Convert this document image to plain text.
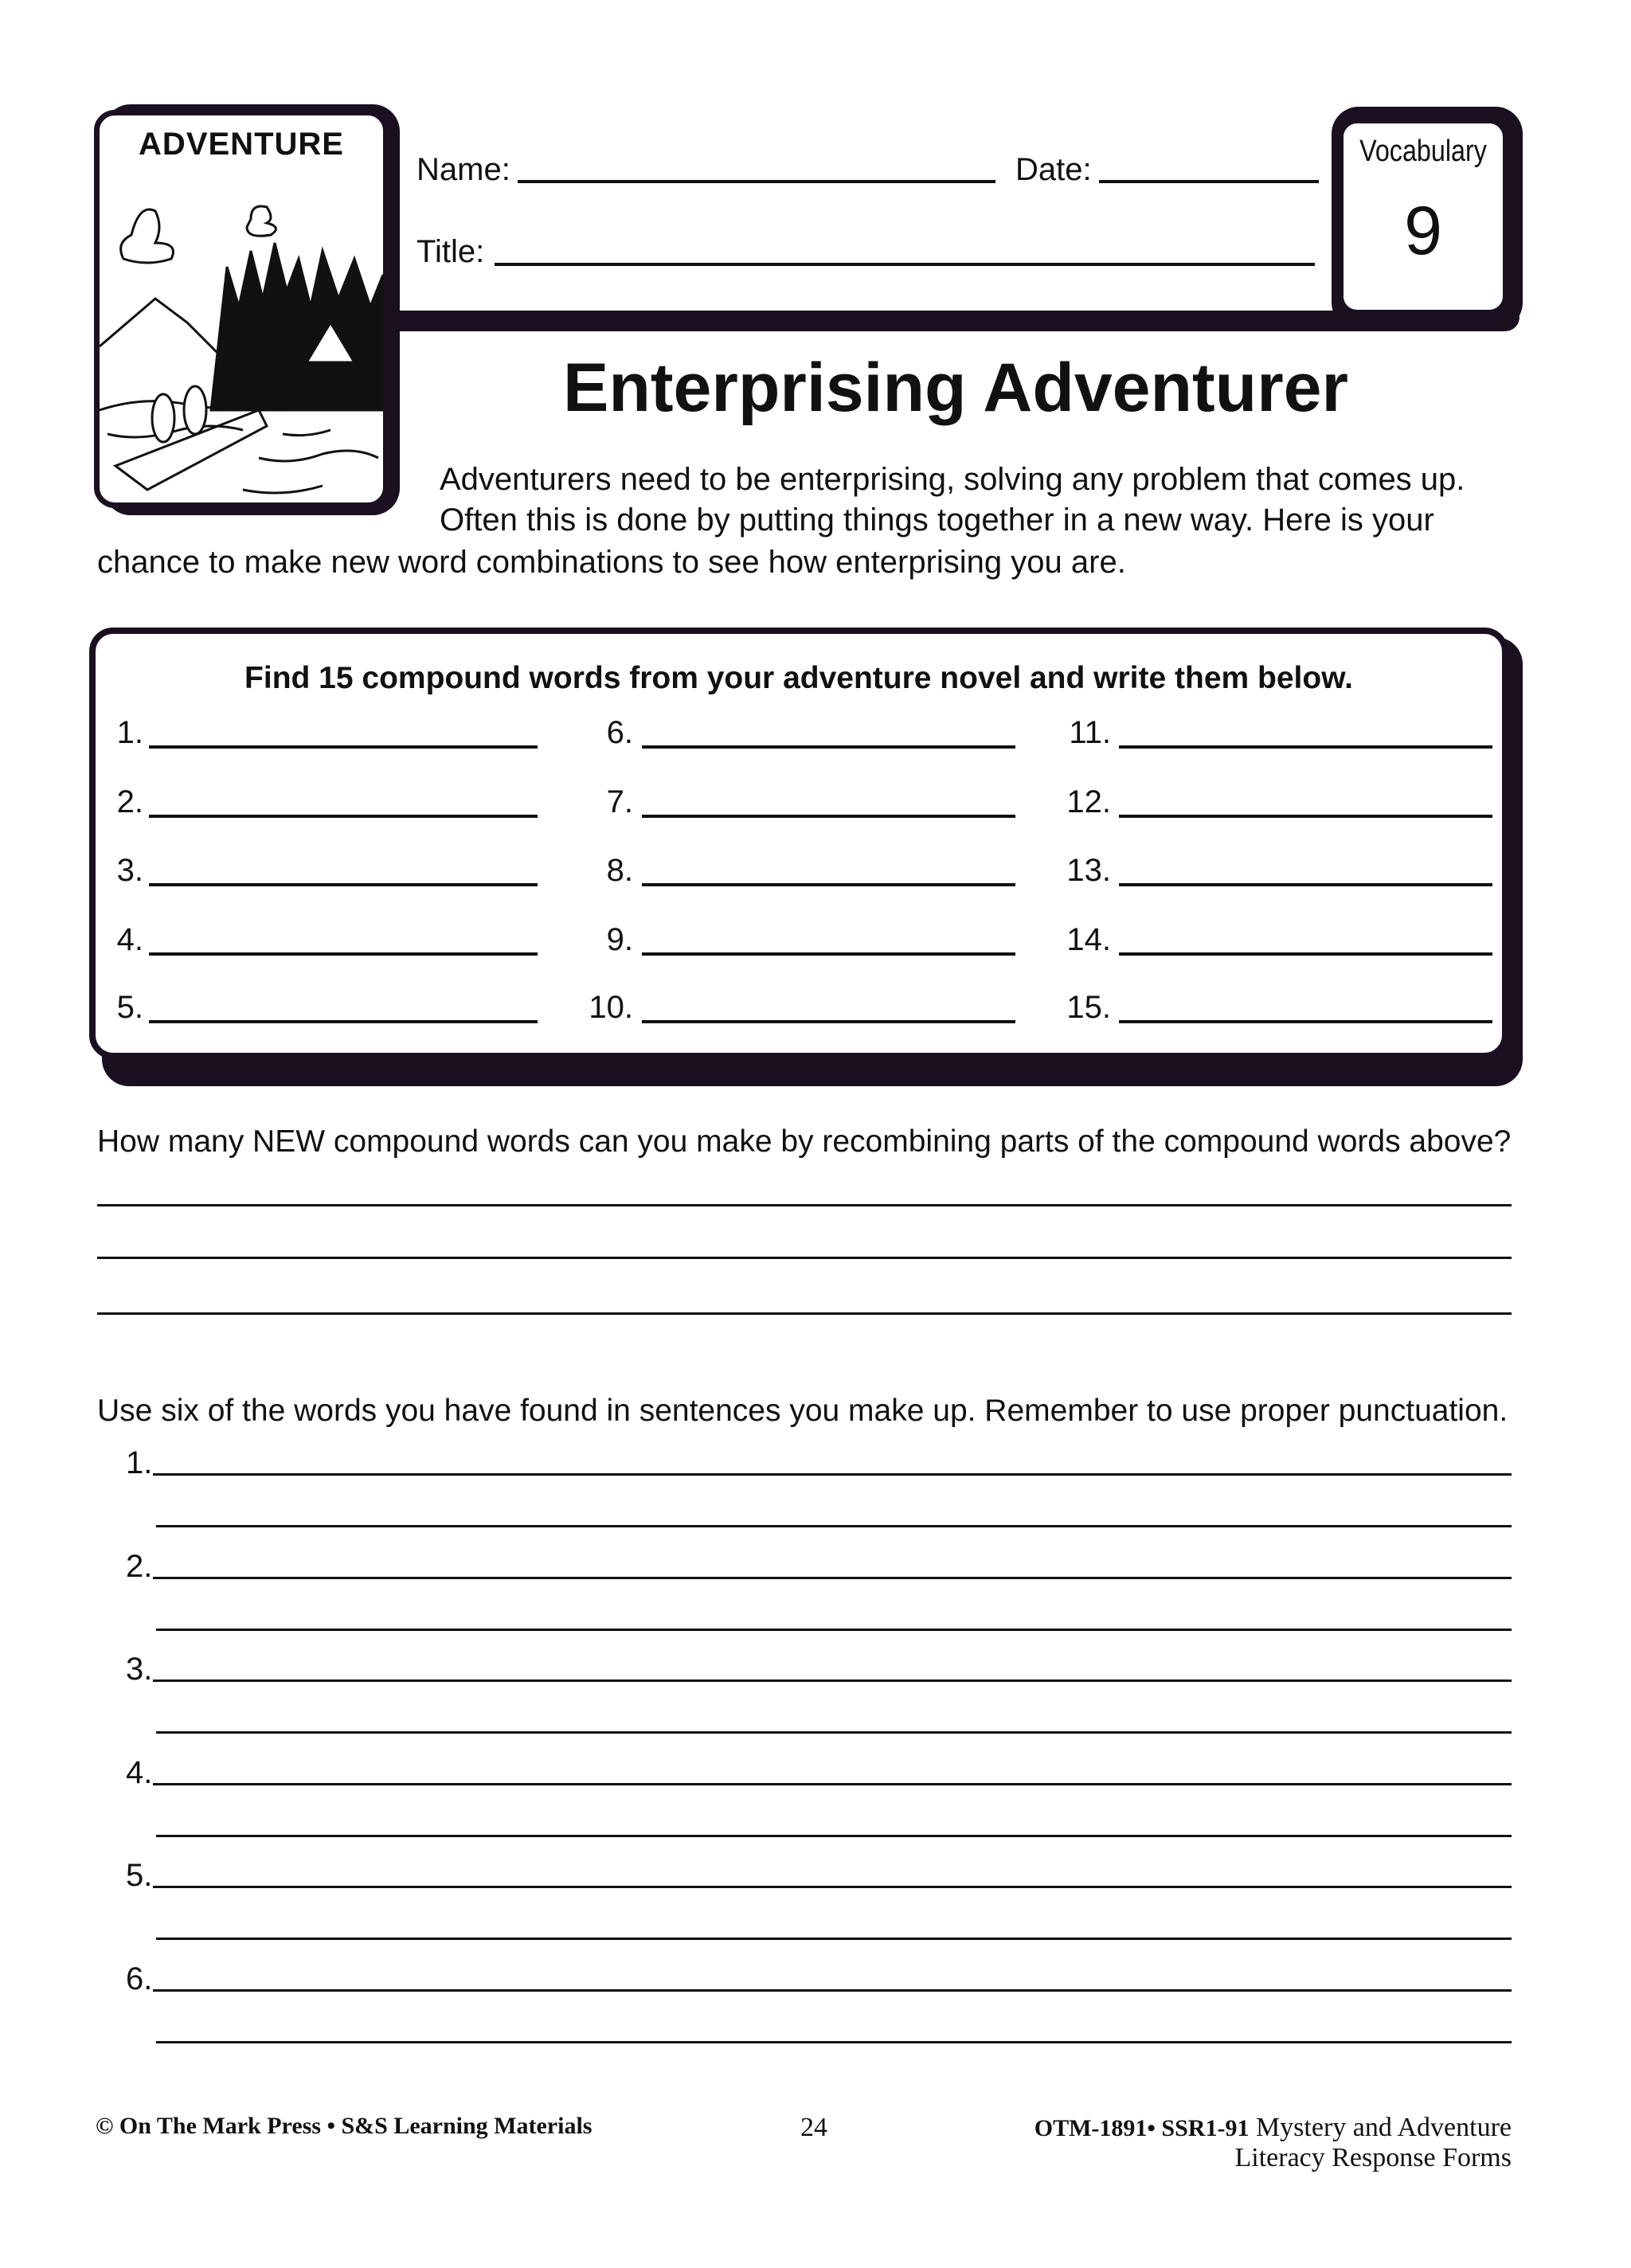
ADVENTURE
Name:	Date:
Title:
Vocabulary
9
Enterprising Adventurer
Adventurers need to be enterprising, solving any problem that comes up.
Often this is done by putting things together in a new way. Here is your
chance to make new word combinations to see how enterprising you are.
Find 15 compound words from your adventure novel and write them below.
1.
2.
3.
4.
5.
6.
7.
8.
9.
10.
11.
12.
13.
14.
15.
How many NEW compound words can you make by recombining parts of the compound words above?
Use six of the words you have found in sentences you make up. Remember to use proper punctuation.
1.
2.
3.
4.
5.
6.
© On The Mark Press • S&S Learning Materials	24	OTM-1891• SSR1-91 Mystery and Adventure
Literacy Response Forms
